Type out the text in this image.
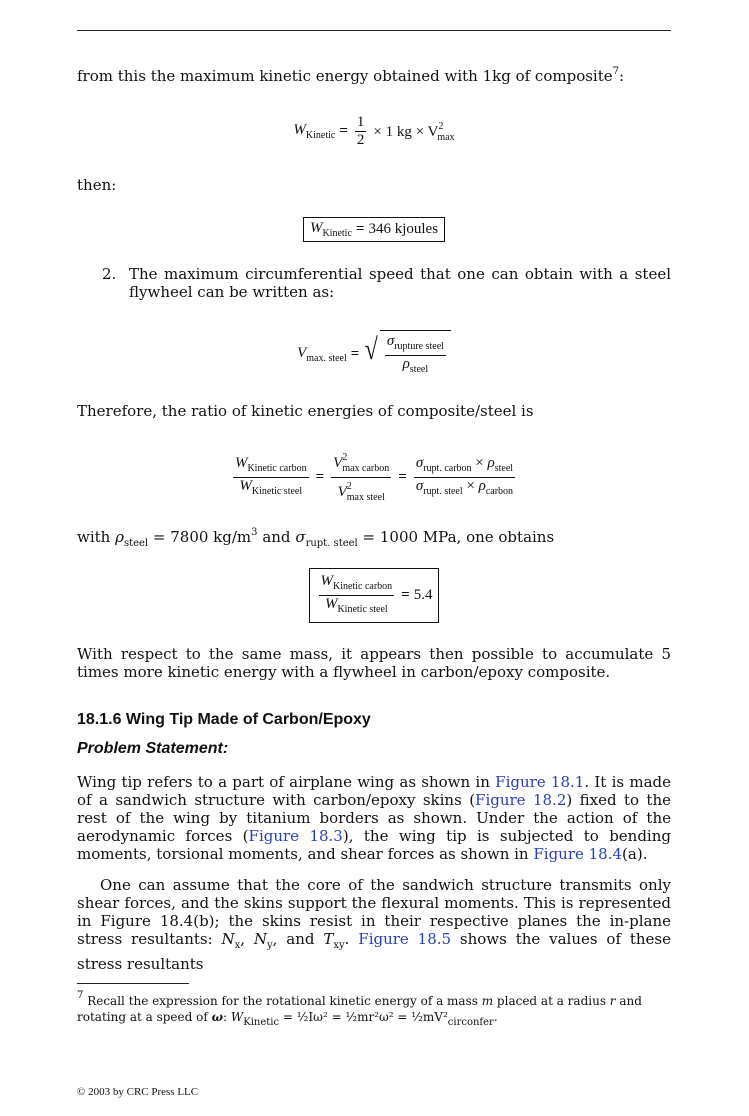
from this the maximum kinetic energy obtained with 1kg of composite$^7$:

$W_{Kinetic} = \frac{1}{2} \times 1$ kg × $V^2_{max}$

then:

$W_{Kinetic} = 346$ kjoules
2. The maximum circumferential speed that one can obtain with a steel flywheel can be written as:
$V_{max. steel}$ = √ $\frac{\sigma_{rupture steel}}{\rho_{steel}}$

Therefore, the ratio of kinetic energies of composite/steel is

$\frac{W_{Kinetic carbon}}{W_{Kinetic steel}} = \frac{V^2_{max carbon}}{V^2_{max steel}} = \frac{\sigma_{rupt. carbon} \times \rho_{steel}}{\sigma_{rupt. steel} \times \rho_{carbon}}$

with $\rho_{steel} = 7800$ $kg/m^3$ and $\sigma_{rupt. steel} = 1000$ MPa, one obtains

$\frac{W_{Kinetic carbon}}{W_{Kinetic steel}} = 5.4$

With respect to the same mass, it appears then possible to accumulate 5 times more kinetic energy with a flywheel in carbon/epoxy composite.

18.1.6 Wing Tip Made of Carbon/Epoxy
Problem Statement:

Wing tip refers to a part of airplane wing as shown in Figure 18.1. It is made of a sandwich structure with carbon/epoxy skins (Figure 18.2) fixed to the rest of the wing by titanium borders as shown. Under the action of the aerodynamic forces (Figure 18.3), the wing tip is subjected to bending moments, torsional moments, and shear forces as shown in Figure 18.4(a).

One can assume that the core of the sandwich structure transmits only shear forces, and the skins support the flexural moments. This is represented in Figure 18.4(b); the skins resist in their respective planes the in-plane stress resultants: $N_x$, $N_y$, and $T_{xy}$. Figure 18.5 shows the values of these stress resultants

$^7$ Recall the expression for the rotational kinetic energy of a mass m placed at a radius r and rotating at a speed of ω: $W_{Kinetic}$ = ½Iω² = ½mr²ω² = $\frac{1}{2}mV^2_{circonfer}$.
© 2003 by CRC Press LLC
